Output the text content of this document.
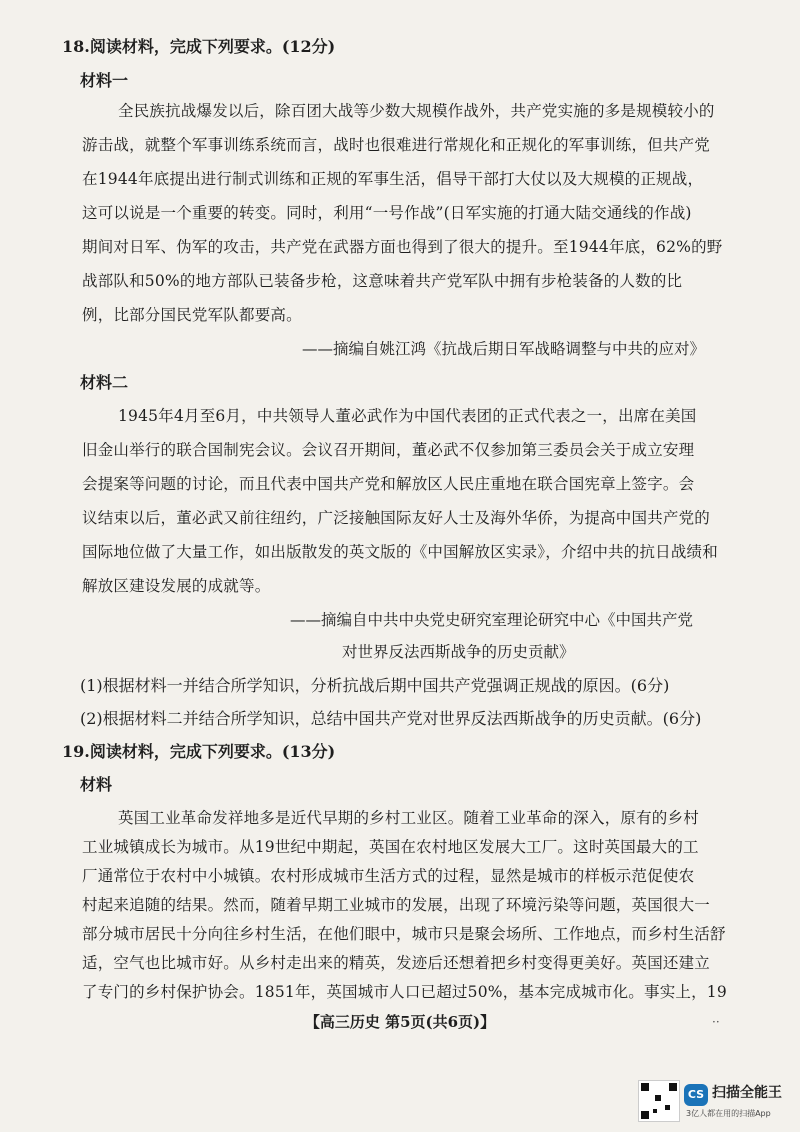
18.阅读材料，完成下列要求。(12分)
材料一
全民族抗战爆发以后，除百团大战等少数大规模作战外，共产党实施的多是规模较小的
游击战，就整个军事训练系统而言，战时也很难进行常规化和正规化的军事训练，但共产党
在1944年底提出进行制式训练和正规的军事生活，倡导干部打大仗以及大规模的正规战，
这可以说是一个重要的转变。同时，利用“一号作战”(日军实施的打通大陆交通线的作战)
期间对日军、伪军的攻击，共产党在武器方面也得到了很大的提升。至1944年底，62%的野
战部队和50%的地方部队已装备步枪，这意味着共产党军队中拥有步枪装备的人数的比
例，比部分国民党军队都要高。
——摘编自姚江鸿《抗战后期日军战略调整与中共的应对》
材料二
1945年4月至6月，中共领导人董必武作为中国代表团的正式代表之一，出席在美国
旧金山举行的联合国制宪会议。会议召开期间，董必武不仅参加第三委员会关于成立安理
会提案等问题的讨论，而且代表中国共产党和解放区人民庄重地在联合国宪章上签字。会
议结束以后，董必武又前往纽约，广泛接触国际友好人士及海外华侨，为提高中国共产党的
国际地位做了大量工作，如出版散发的英文版的《中国解放区实录》，介绍中共的抗日战绩和
解放区建设发展的成就等。
——摘编自中共中央党史研究室理论研究中心《中国共产党
对世界反法西斯战争的历史贡献》
(1)根据材料一并结合所学知识，分析抗战后期中国共产党强调正规战的原因。(6分)
(2)根据材料二并结合所学知识，总结中国共产党对世界反法西斯战争的历史贡献。(6分)
19.阅读材料，完成下列要求。(13分)
材料
英国工业革命发祥地多是近代早期的乡村工业区。随着工业革命的深入，原有的乡村
工业城镇成长为城市。从19世纪中期起，英国在农村地区发展大工厂。这时英国最大的工
厂通常位于农村中小城镇。农村形成城市生活方式的过程，显然是城市的样板示范促使农
村起来追随的结果。然而，随着早期工业城市的发展，出现了环境污染等问题，英国很大一
部分城市居民十分向往乡村生活，在他们眼中，城市只是聚会场所、工作地点，而乡村生活舒
适，空气也比城市好。从乡村走出来的精英，发迹后还想着把乡村变得更美好。英国还建立
【高三历史 第5页(共6页)】	··
CS 扫描全能王
3亿人都在用的扫描App
了专门的乡村保护协会。1851年，英国城市人口已超过50%，基本完成城市化。事实上，19
